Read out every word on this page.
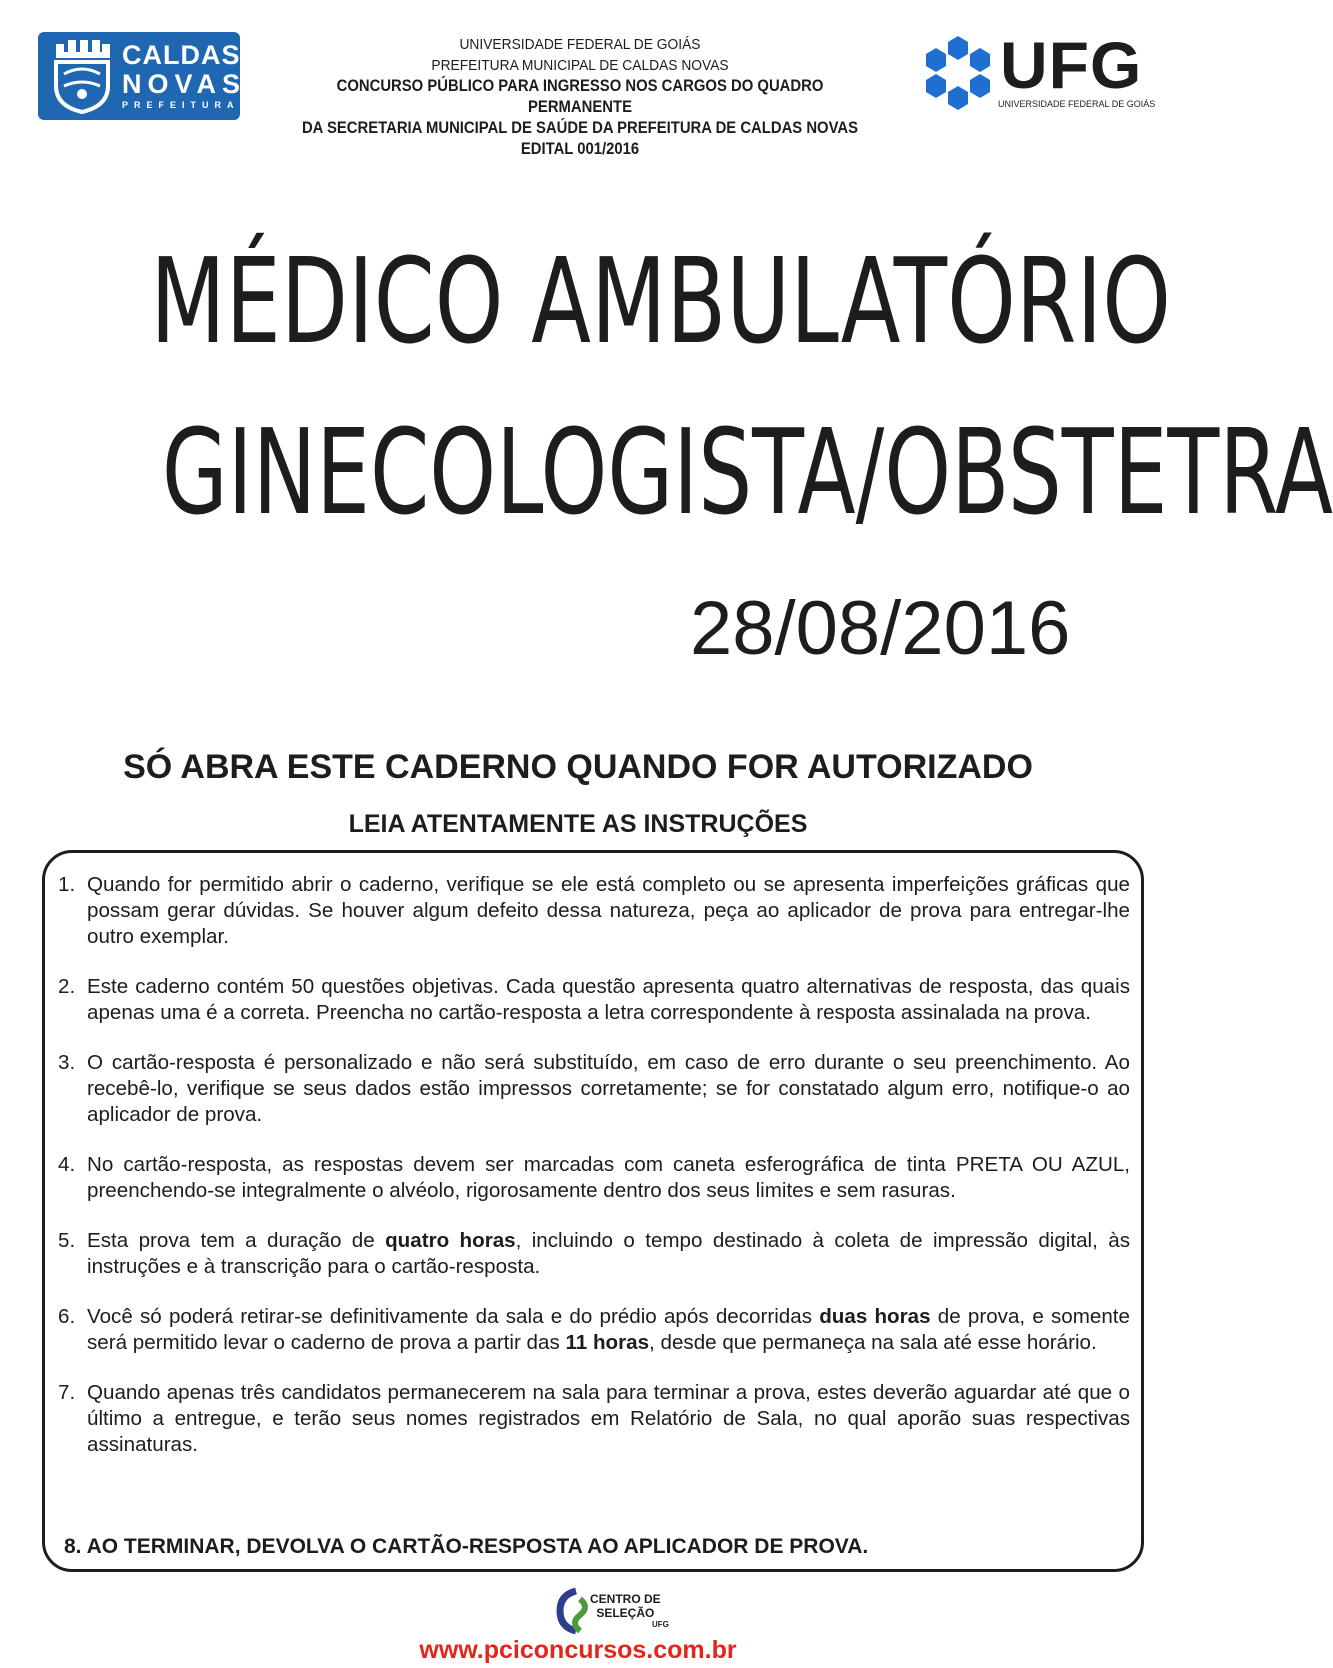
CALDAS
NOVAS
PREFEITURA
UNIVERSIDADE FEDERAL DE GOIÁS
PREFEITURA MUNICIPAL DE CALDAS NOVAS
CONCURSO PÚBLICO PARA INGRESSO NOS CARGOS DO QUADRO PERMANENTE
DA SECRETARIA MUNICIPAL DE SAÚDE DA PREFEITURA DE CALDAS NOVAS
EDITAL 001/2016
UFG
UNIVERSIDADE FEDERAL DE GOIÁS
MÉDICO AMBULATÓRIO
GINECOLOGISTA/OBSTETRA
28/08/2016
SÓ ABRA ESTE CADERNO QUANDO FOR AUTORIZADO
LEIA ATENTAMENTE AS INSTRUÇÕES
1. Quando for permitido abrir o caderno, verifique se ele está completo ou se apresenta imperfeições gráficas que possam gerar dúvidas. Se houver algum defeito dessa natureza, peça ao aplicador de prova para entregar-lhe outro exemplar.
2. Este caderno contém 50 questões objetivas. Cada questão apresenta quatro alternativas de resposta, das quais apenas uma é a correta. Preencha no cartão-resposta a letra correspondente à resposta assinalada na prova.
3. O cartão-resposta é personalizado e não será substituído, em caso de erro durante o seu preenchimento. Ao recebê-lo, verifique se seus dados estão impressos corretamente; se for constatado algum erro, notifique-o ao aplicador de prova.
4. No cartão-resposta, as respostas devem ser marcadas com caneta esferográfica de tinta PRETA OU AZUL, preenchendo-se integralmente o alvéolo, rigorosamente dentro dos seus limites e sem rasuras.
5. Esta prova tem a duração de quatro horas, incluindo o tempo destinado à coleta de impressão digital, às instruções e à transcrição para o cartão-resposta.
6. Você só poderá retirar-se definitivamente da sala e do prédio após decorridas duas horas de prova, e somente será permitido levar o caderno de prova a partir das 11 horas, desde que permaneça na sala até esse horário.
7. Quando apenas três candidatos permanecerem na sala para terminar a prova, estes deverão aguardar até que o último a entregue, e terão seus nomes registrados em Relatório de Sala, no qual aporão suas respectivas assinaturas.
8. AO TERMINAR, DEVOLVA O CARTÃO-RESPOSTA AO APLICADOR DE PROVA.
CENTRO DE
SELEÇÃO
UFG
www.pciconcursos.com.br
